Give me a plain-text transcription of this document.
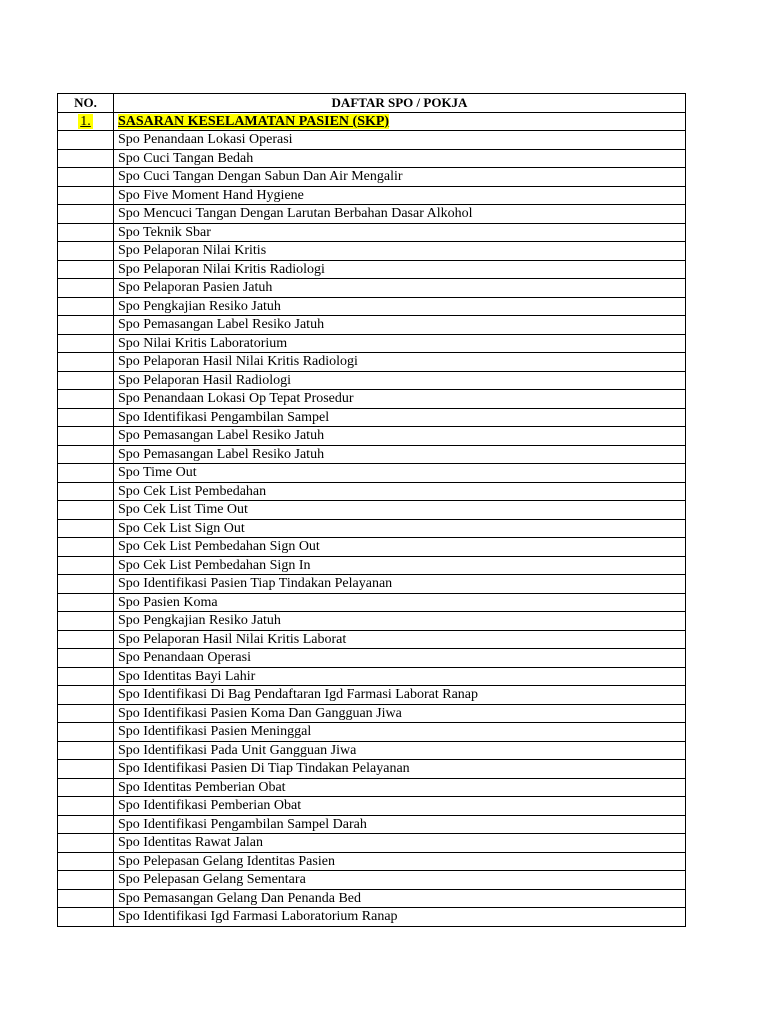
NO.	DAFTAR SPO / POKJA
1.	SASARAN KESELAMATAN PASIEN (SKP)
	Spo Penandaan Lokasi Operasi
	Spo Cuci Tangan Bedah
	Spo Cuci Tangan Dengan Sabun Dan Air Mengalir
	Spo Five Moment Hand Hygiene
	Spo Mencuci Tangan Dengan Larutan Berbahan Dasar Alkohol
	Spo Teknik Sbar
	Spo Pelaporan Nilai Kritis
	Spo Pelaporan Nilai Kritis Radiologi
	Spo Pelaporan Pasien Jatuh
	Spo Pengkajian Resiko Jatuh
	Spo Pemasangan Label Resiko Jatuh
	Spo Nilai Kritis Laboratorium
	Spo Pelaporan Hasil Nilai Kritis Radiologi
	Spo Pelaporan Hasil Radiologi
	Spo Penandaan Lokasi Op Tepat Prosedur
	Spo Identifikasi Pengambilan Sampel
	Spo Pemasangan Label Resiko Jatuh
	Spo Pemasangan Label Resiko Jatuh
	Spo Time Out
	Spo Cek List Pembedahan
	Spo Cek List Time Out
	Spo Cek List Sign Out
	Spo Cek List Pembedahan Sign Out
	Spo Cek List Pembedahan Sign In
	Spo Identifikasi Pasien Tiap Tindakan Pelayanan
	Spo Pasien Koma
	Spo Pengkajian Resiko Jatuh
	Spo Pelaporan Hasil Nilai Kritis Laborat
	Spo Penandaan Operasi
	Spo Identitas Bayi Lahir
	Spo Identifikasi Di Bag Pendaftaran Igd Farmasi Laborat Ranap
	Spo Identifikasi Pasien Koma Dan Gangguan Jiwa
	Spo Identifikasi Pasien Meninggal
	Spo Identifikasi Pada Unit Gangguan Jiwa
	Spo Identifikasi Pasien Di Tiap Tindakan Pelayanan
	Spo Identitas Pemberian Obat
	Spo Identifikasi Pemberian Obat
	Spo Identifikasi Pengambilan Sampel Darah
	Spo Identitas Rawat Jalan
	Spo Pelepasan Gelang Identitas Pasien
	Spo Pelepasan Gelang Sementara
	Spo Pemasangan Gelang Dan Penanda Bed
	Spo Identifikasi Igd Farmasi Laboratorium Ranap
